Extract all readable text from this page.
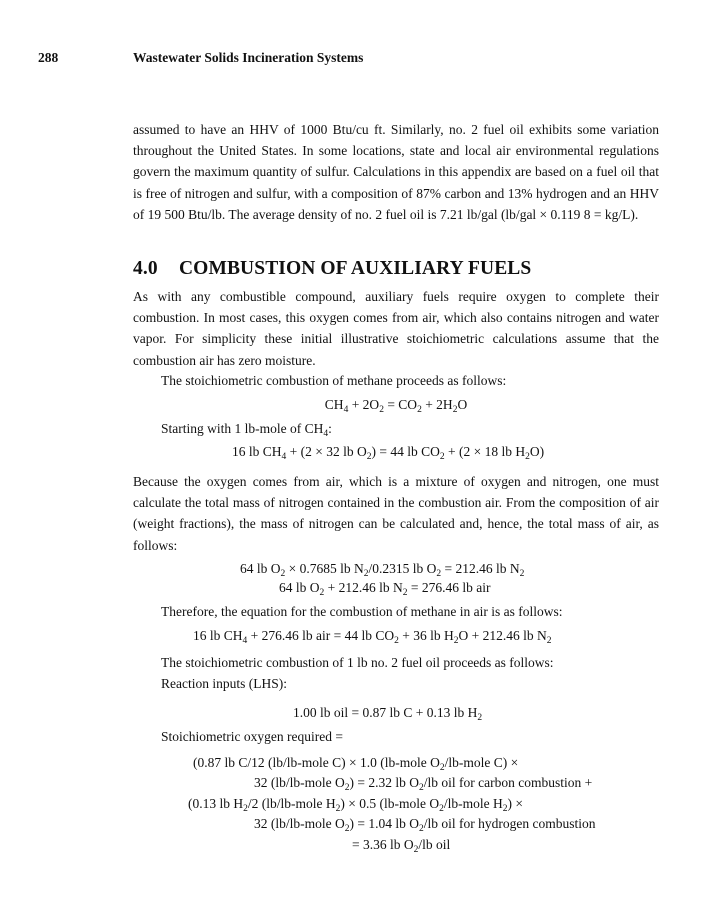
288	Wastewater Solids Incineration Systems
assumed to have an HHV of 1000 Btu/cu ft. Similarly, no. 2 fuel oil exhibits some variation throughout the United States. In some locations, state and local air environmental regulations govern the maximum quantity of sulfur. Calculations in this appendix are based on a fuel oil that is free of nitrogen and sulfur, with a composition of 87% carbon and 13% hydrogen and an HHV of 19 500 Btu/lb. The average density of no. 2 fuel oil is 7.21 lb/gal (lb/gal × 0.119 8 = kg/L).
4.0 COMBUSTION OF AUXILIARY FUELS
As with any combustible compound, auxiliary fuels require oxygen to complete their combustion. In most cases, this oxygen comes from air, which also contains nitrogen and water vapor. For simplicity these initial illustrative stoichiometric calculations assume that the combustion air has zero moisture.
The stoichiometric combustion of methane proceeds as follows:
$CH_4 + 2O_2 = CO_2 + 2H_2O$
Starting with 1 lb-mole of $CH_4$:
16 lb $CH_4 + (2 \times 32$ lb $O_2) = 44$ lb $CO_2 + (2 \times 18$ lb $H_2O$)
Because the oxygen comes from air, which is a mixture of oxygen and nitrogen, one must calculate the total mass of nitrogen contained in the combustion air. From the composition of air (weight fractions), the mass of nitrogen can be calculated and, hence, the total mass of air, as follows:
64 lb $O_2 \times 0.7685$ lb $N_2/0.2315$ lb $O_2 = 212.46$ lb $N_2$
64 lb $O_2 + 212.46$ lb $N_2 = 276.46$ lb air
Therefore, the equation for the combustion of methane in air is as follows:
16 lb $CH_4 + 276.46$ lb air = 44 lb $CO_2 + 36$ lb $H_2O + 212.46$ lb $N_2$
The stoichiometric combustion of 1 lb no. 2 fuel oil proceeds as follows:
Reaction inputs (LHS):
1.00 lb oil = 0.87 lb C + 0.13 lb $H_2$
Stoichiometric oxygen required =
(0.87 lb C/12 (lb/lb-mole C) × 1.0 (lb-mole $O_2/lb$-mole C) ×
32 (lb/lb-mole $O_2) = 2.32$ lb $O_2/lb$ oil for carbon combustion +
(0.13 lb $H_2/2$ (lb/lb-mole $H_2) \times 0.5$ (lb-mole $O_2/lb$-mole $H_2$) ×
32 (lb/lb-mole $O_2) = 1.04$ lb $O_2/lb$ oil for hydrogen combustion
= 3.36 lb $O_2/lb$ oil
